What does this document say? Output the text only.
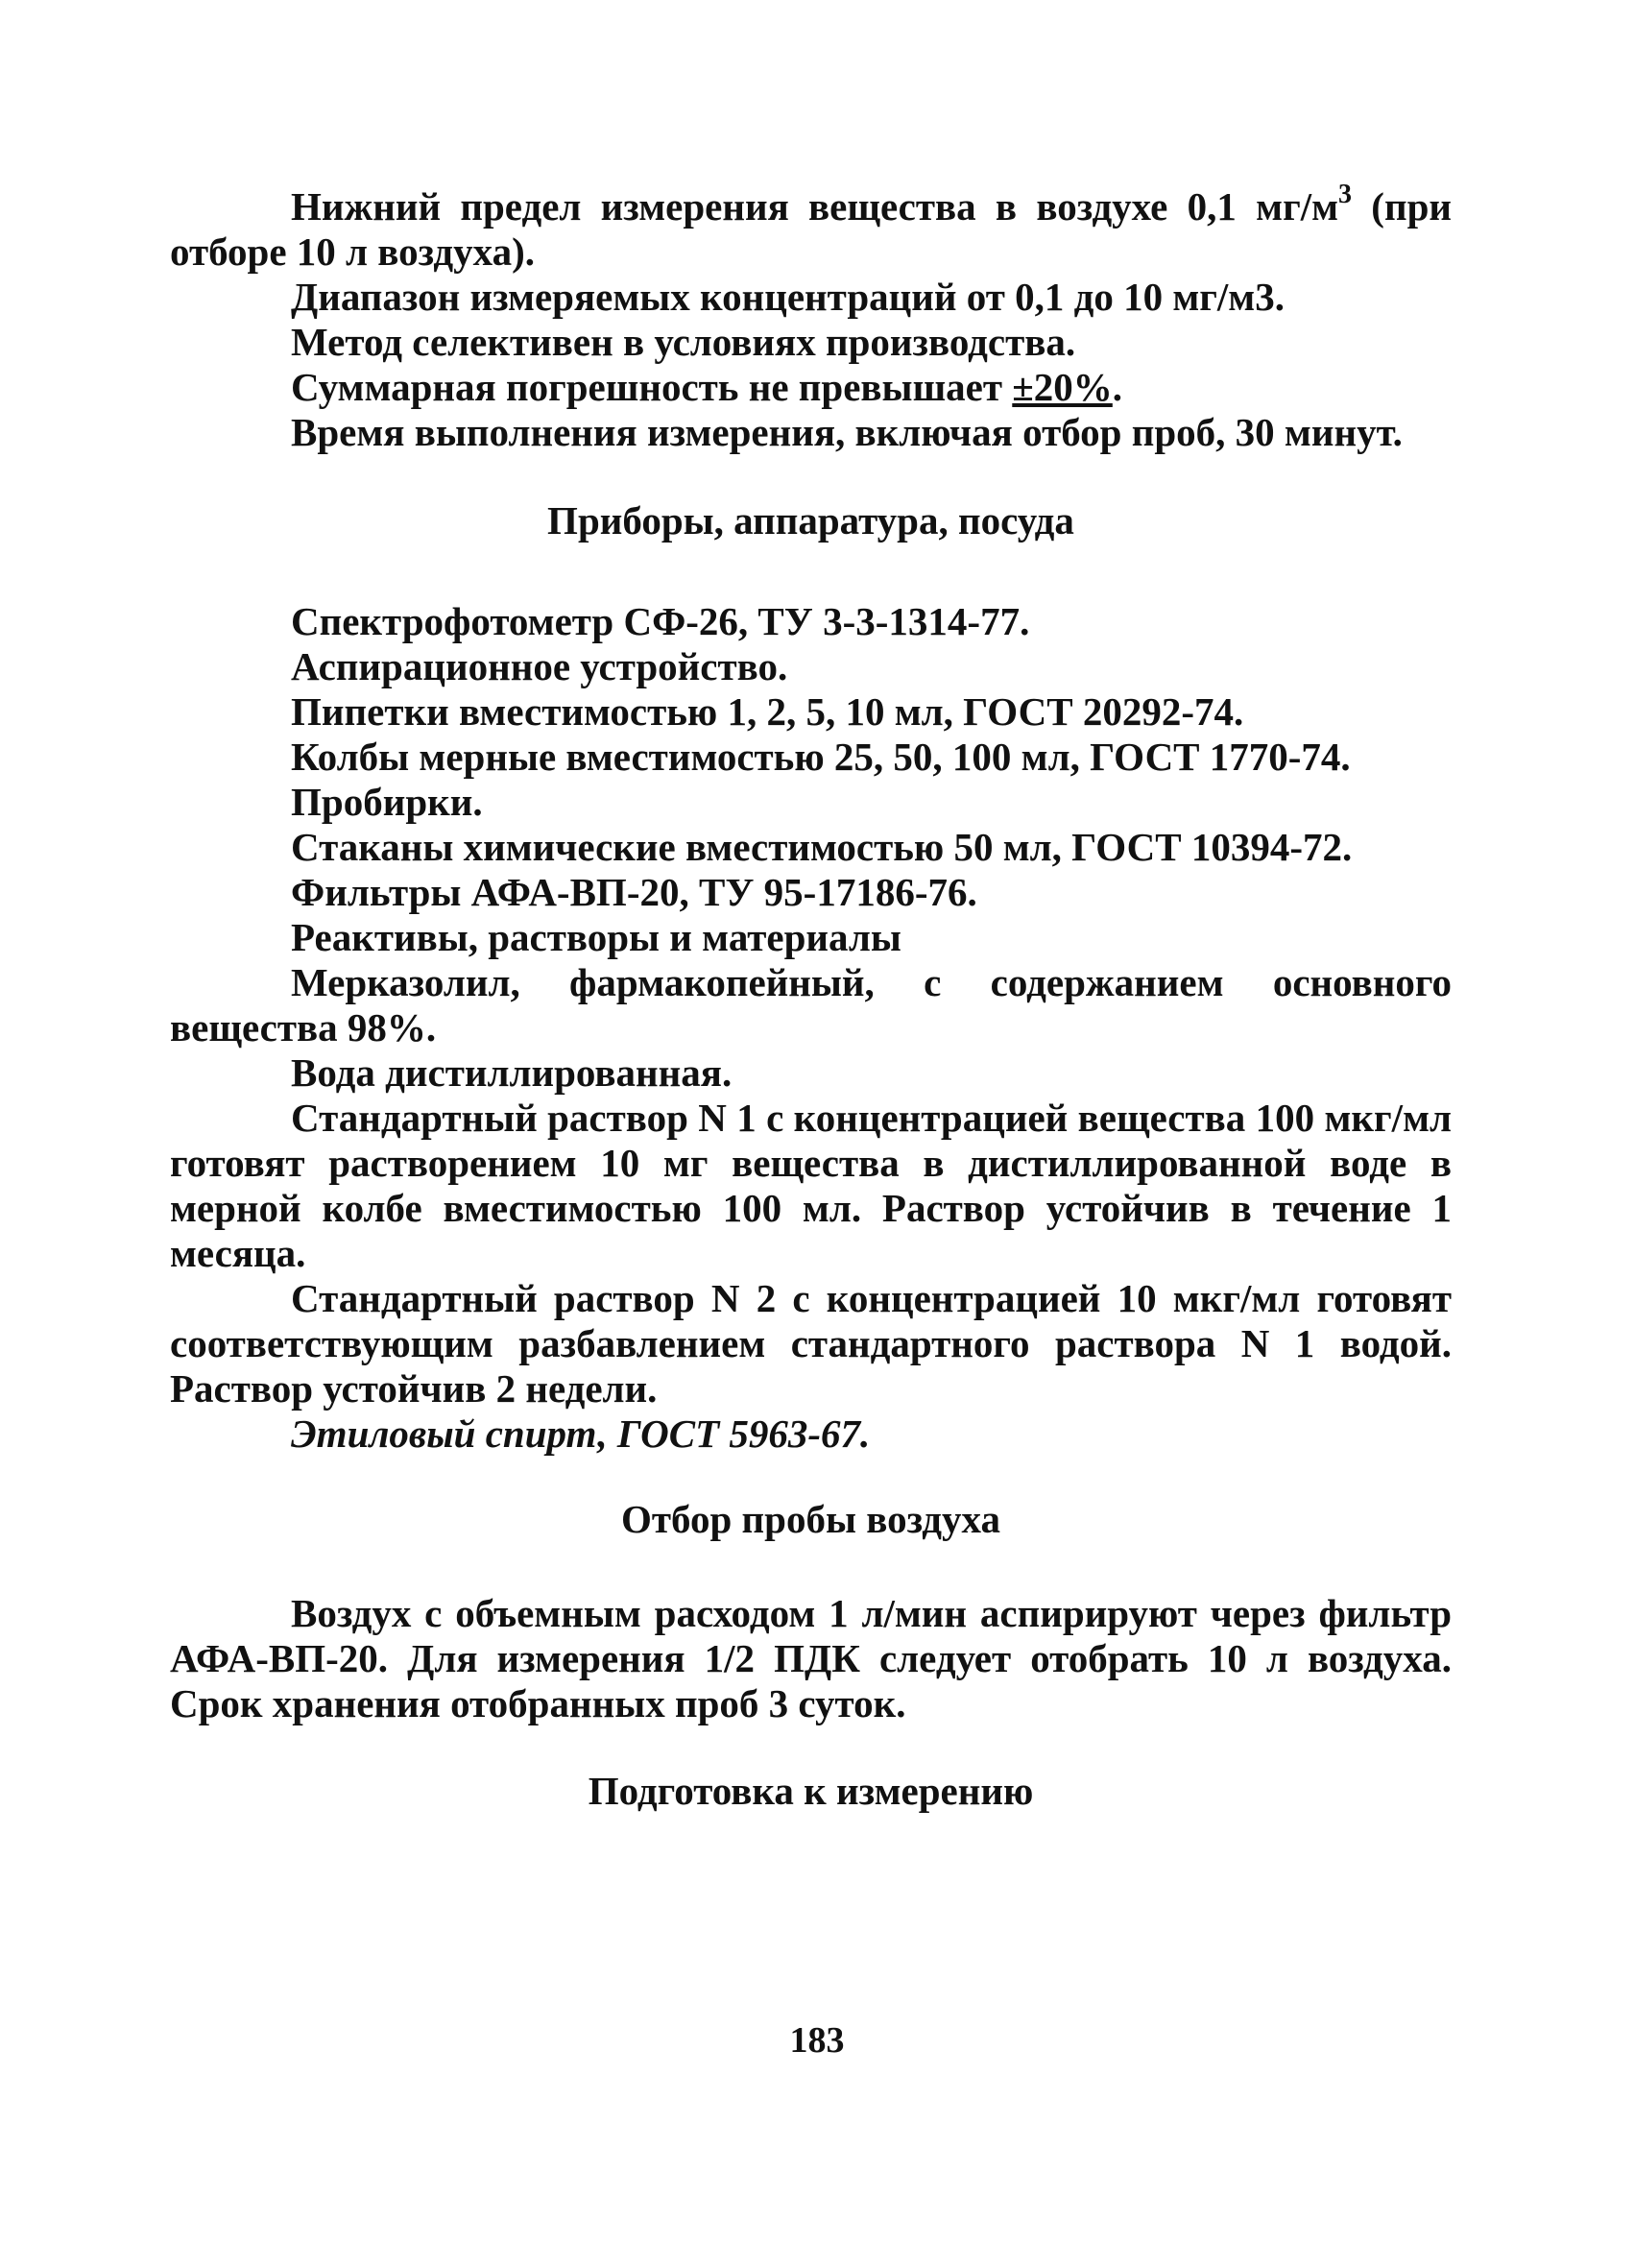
Нижний предел измерения вещества в воздухе 0,1 $мг/м^3$ (при отборе 10 л воздуха).

Диапазон измеряемых концентраций от 0,1 до 10 мг/м3.

Метод селективен в условиях производства.

Суммарная погрешность не превышает ±20%.

Время выполнения измерения, включая отбор проб, 30 минут.

Приборы, аппаратура, посуда

Спектрофотометр СФ-26, ТУ 3-3-1314-77.

Аспирационное устройство.

Пипетки вместимостью 1, 2, 5, 10 мл, ГОСТ 20292-74.

Колбы мерные вместимостью 25, 50, 100 мл, ГОСТ 1770-74.

Пробирки.

Стаканы химические вместимостью 50 мл, ГОСТ 10394-72.

Фильтры АФА-ВП-20, ТУ 95-17186-76.

Реактивы, растворы и материалы

Мерказолил, фармакопейный, с содержанием основного вещества 98%.

Вода дистиллированная.

Стандартный раствор N 1 с концентрацией вещества 100 мкг/мл готовят растворением 10 мг вещества в дистиллированной воде в мерной колбе вместимостью 100 мл. Раствор устойчив в течение 1 месяца.

Стандартный раствор N 2 с концентрацией 10 мкг/мл готовят соответствующим разбавлением стандартного раствора N 1 водой. Раствор устойчив 2 недели.

Этиловый спирт, ГОСТ 5963-67.

Отбор пробы воздуха

Воздух с объемным расходом 1 л/мин аспирируют через фильтр АФА-ВП-20. Для измерения 1/2 ПДК следует отобрать 10 л воздуха. Срок хранения отобранных проб 3 суток.

Подготовка к измерению

183
